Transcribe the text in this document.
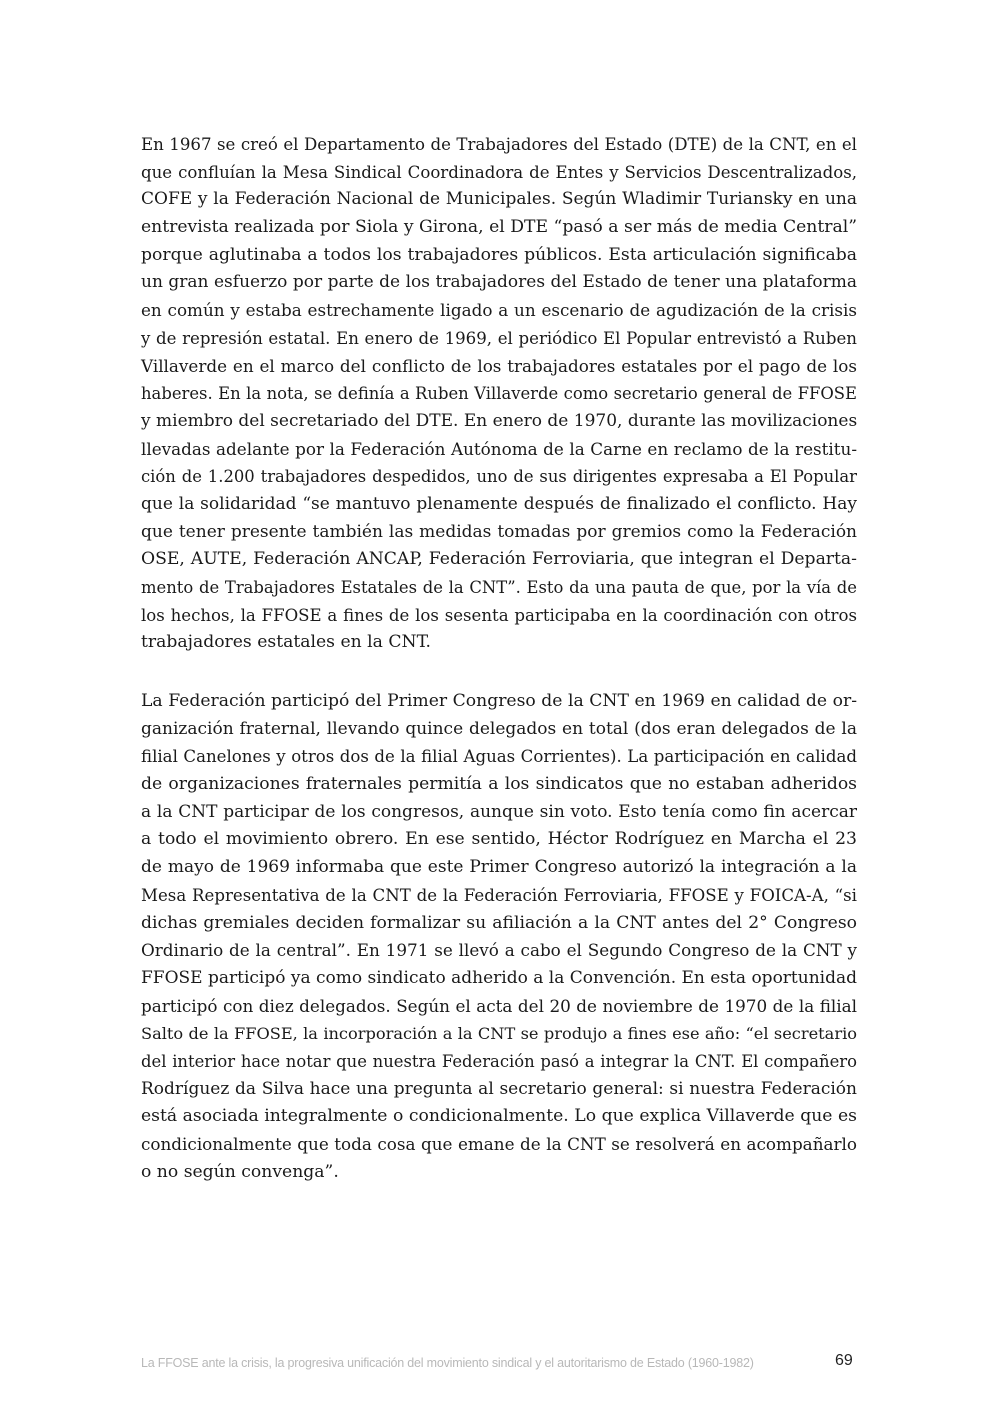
En 1967 se creó el Departamento de Trabajadores del Estado (DTE) de la CNT, en el
que confluían la Mesa Sindical Coordinadora de Entes y Servicios Descentralizados,
COFE y la Federación Nacional de Municipales. Según Wladimir Turiansky en una
entrevista realizada por Siola y Girona, el DTE “pasó a ser más de media Central”
porque aglutinaba a todos los trabajadores públicos. Esta articulación significaba
un gran esfuerzo por parte de los trabajadores del Estado de tener una plataforma
en común y estaba estrechamente ligado a un escenario de agudización de la crisis
y de represión estatal. En enero de 1969, el periódico El Popular entrevistó a Ruben
Villaverde en el marco del conflicto de los trabajadores estatales por el pago de los
haberes. En la nota, se definía a Ruben Villaverde como secretario general de FFOSE
y miembro del secretariado del DTE. En enero de 1970, durante las movilizaciones
llevadas adelante por la Federación Autónoma de la Carne en reclamo de la restitu-
ción de 1.200 trabajadores despedidos, uno de sus dirigentes expresaba a El Popular
que la solidaridad “se mantuvo plenamente después de finalizado el conflicto. Hay
que tener presente también las medidas tomadas por gremios como la Federación
OSE, AUTE, Federación ANCAP, Federación Ferroviaria, que integran el Departa-
mento de Trabajadores Estatales de la CNT”. Esto da una pauta de que, por la vía de
los hechos, la FFOSE a fines de los sesenta participaba en la coordinación con otros
trabajadores estatales en la CNT.
La Federación participó del Primer Congreso de la CNT en 1969 en calidad de or-
ganización fraternal, llevando quince delegados en total (dos eran delegados de la
filial Canelones y otros dos de la filial Aguas Corrientes). La participación en calidad
de organizaciones fraternales permitía a los sindicatos que no estaban adheridos
a la CNT participar de los congresos, aunque sin voto. Esto tenía como fin acercar
a todo el movimiento obrero. En ese sentido, Héctor Rodríguez en Marcha el 23
de mayo de 1969 informaba que este Primer Congreso autorizó la integración a la
Mesa Representativa de la CNT de la Federación Ferroviaria, FFOSE y FOICA-A, “si
dichas gremiales deciden formalizar su afiliación a la CNT antes del 2° Congreso
Ordinario de la central”. En 1971 se llevó a cabo el Segundo Congreso de la CNT y
FFOSE participó ya como sindicato adherido a la Convención. En esta oportunidad
participó con diez delegados. Según el acta del 20 de noviembre de 1970 de la filial
Salto de la FFOSE, la incorporación a la CNT se produjo a fines ese año: “el secretario
del interior hace notar que nuestra Federación pasó a integrar la CNT. El compañero
Rodríguez da Silva hace una pregunta al secretario general: si nuestra Federación
está asociada integralmente o condicionalmente. Lo que explica Villaverde que es
condicionalmente que toda cosa que emane de la CNT se resolverá en acompañarlo
o no según convenga”.
La FFOSE ante la crisis, la progresiva unificación del movimiento sindical y el autoritarismo de Estado (1960-1982)	69
